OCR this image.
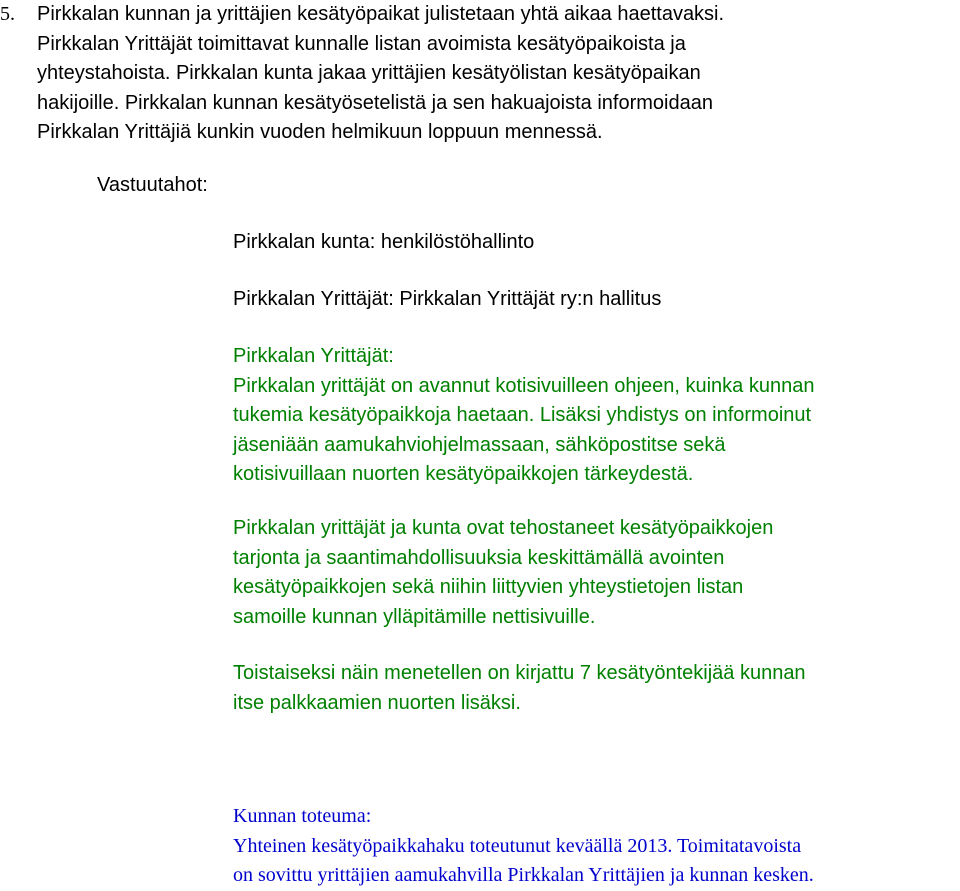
5. Pirkkalan kunnan ja yrittäjien kesätyöpaikat julistetaan yhtä aikaa haettavaksi.
Pirkkalan Yrittäjät toimittavat kunnalle listan avoimista kesätyöpaikoista ja
yhteystahoista. Pirkkalan kunta jakaa yrittäjien kesätyölistan kesätyöpaikan
hakijoille. Pirkkalan kunnan kesätyösetelistä ja sen hakuajoista informoidaan
Pirkkalan Yrittäjiä kunkin vuoden helmikuun loppuun mennessä.
Vastuutahot:
Pirkkalan kunta: henkilöstöhallinto
Pirkkalan Yrittäjät: Pirkkalan Yrittäjät ry:n hallitus
Pirkkalan Yrittäjät:
Pirkkalan yrittäjät on avannut kotisivuilleen ohjeen, kuinka kunnan
tukemia kesätyöpaikkoja haetaan. Lisäksi yhdistys on informoinut
jäseniään aamukahviohjelmassaan, sähköpostitse sekä
kotisivuillaan nuorten kesätyöpaikkojen tärkeydestä.
Pirkkalan yrittäjät ja kunta ovat tehostaneet kesätyöpaikkojen
tarjonta ja saantimahdollisuuksia keskittämällä avointen
kesätyöpaikkojen sekä niihin liittyvien yhteystietojen listan
samoille kunnan ylläpitämille nettisivuille.
Toistaiseksi näin menetellen on kirjattu 7 kesätyöntekijää kunnan
itse palkkaamien nuorten lisäksi.
Kunnan toteuma:
Yhteinen kesätyöpaikkahaku toteutunut keväällä 2013. Toimitatavoista
on sovittu yrittäjien aamukahvilla Pirkkalan Yrittäjien ja kunnan kesken.
